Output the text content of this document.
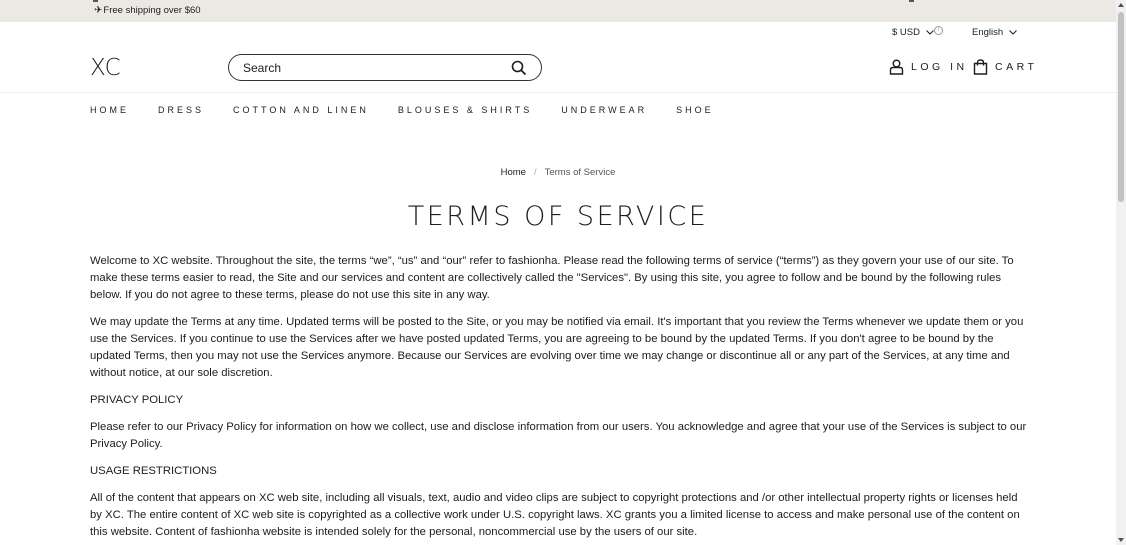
✈Free shipping over $60
$ USD	i	English
XC
Search	LOG IN	CART
HOME	DRESS	COTTON AND LINEN	BLOUSES & SHIRTS	UNDERWEAR	SHOE
Home / Terms of Service
TERMS OF SERVICE

Welcome to XC website. Throughout the site, the terms “we”, “us” and “our” refer to fashionha. Please read the following terms of service (“terms”) as they govern your use of our site. To make these terms easier to read, the Site and our services and content are collectively called the "Services". By using this site, you agree to follow and be bound by the following rules below. If you do not agree to these terms, please do not use this site in any way.

We may update the Terms at any time. Updated terms will be posted to the Site, or you may be notified via email. It's important that you review the Terms whenever we update them or you use the Services. If you continue to use the Services after we have posted updated Terms, you are agreeing to be bound by the updated Terms. If you don't agree to be bound by the updated Terms, then you may not use the Services anymore. Because our Services are evolving over time we may change or discontinue all or any part of the Services, at any time and without notice, at our sole discretion.

PRIVACY POLICY

Please refer to our Privacy Policy for information on how we collect, use and disclose information from our users. You acknowledge and agree that your use of the Services is subject to our Privacy Policy.

USAGE RESTRICTIONS

All of the content that appears on XC web site, including all visuals, text, audio and video clips are subject to copyright protections and /or other intellectual property rights or licenses held by XC. The entire content of XC web site is copyrighted as a collective work under U.S. copyright laws. XC grants you a limited license to access and make personal use of the content on this website. Content of fashionha website is intended solely for the personal, noncommercial use by the users of our site.
